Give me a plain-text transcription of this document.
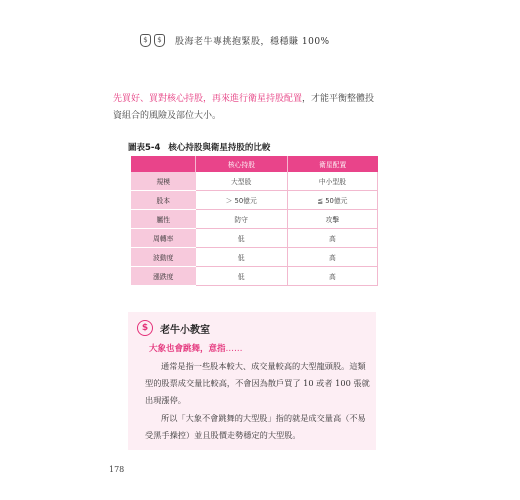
$	$	股海老牛專挑抱緊股，穩穩賺 100%
先買好、買對核心持股，再來進行衛星持股配置，才能平衡整體投資組合的風險及部位大小。
圖表5-4 核心持股與衛星持股的比較
	核心持股	衛星配置
規模	大型股	中小型股
股本	＞ 50億元	≦ 50億元
屬性	防守	攻擊
周轉率	低	高
波動度	低	高
漲跌度	低	高
$	老牛小教室
大象也會跳舞，意指……

通常是指一些股本較大、成交量較高的大型龍頭股。這類型的股票成交量比較高，不會因為散戶買了 10 或者 100 張就出現漲停。

所以「大象不會跳舞的大型股」指的就是成交量高（不易受黑手操控）並且股價走勢穩定的大型股。

178
